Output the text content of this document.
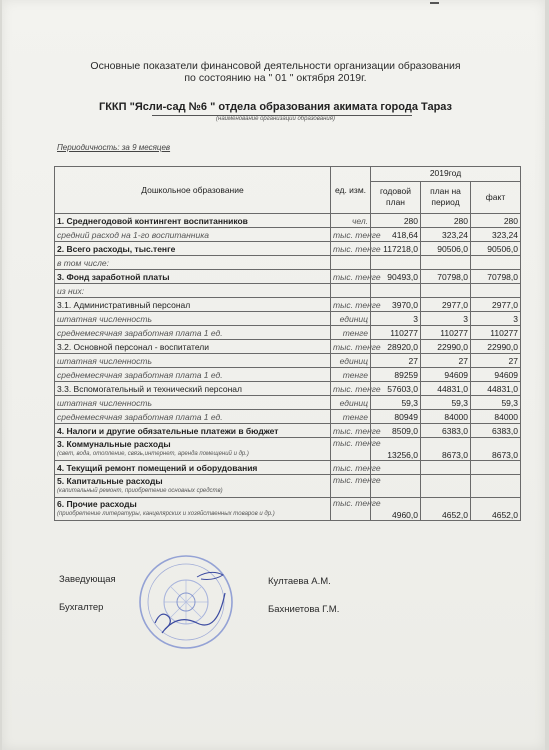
Основные показатели финансовой деятельности организации образования
по состоянию на " 01 " октября 2019г.
ГККП "Ясли-сад №6 " отдела образования акимата города Тараз
(наименование организации образования)
Периодичность: за 9 месяцев
Дошкольное образование	ед. изм.	2019год		
		годовой план	план на период	факт
1. Среднегодовой контингент воспитанников	чел.	280	280	280
средний расход на 1-го воспитанника	тыс. тенге	418,64	323,24	323,24
2. Всего расходы, тыс.тенге	тыс. тенге	117218,0	90506,0	90506,0
в том числе:				
3. Фонд заработной платы	тыс. тенге	90493,0	70798,0	70798,0
из них:				
3.1. Административный персонал	тыс. тенге	3970,0	2977,0	2977,0
штатная численность	единиц	3	3	3
среднемесячная заработная плата 1 ед.	тенге	110277	110277	110277
3.2. Основной персонал - воспитатели	тыс. тенге	28920,0	22990,0	22990,0
штатная численность	единиц	27	27	27
среднемесячная заработная плата 1 ед.	тенге	89259	94609	94609
3.3. Вспомогательный и технический персонал	тыс. тенге	57603,0	44831,0	44831,0
штатная численность	единиц	59,3	59,3	59,3
среднемесячная заработная плата 1 ед.	тенге	80949	84000	84000
4. Налоги и другие обязательные платежи в бюджет	тыс. тенге	8509,0	6383,0	6383,0
3. Коммунальные расходы
(свет, вода, отопление, связь,интернет, аренда помещений и др.)	тыс. тенге	13256,0	8673,0	8673,0
4. Текущий ремонт помещений и оборудования	тыс. тенге			
5. Капитальные расходы
(капитальный ремонт, приобретение основных средств)	тыс. тенге			
6. Прочие расходы
(приобретение литературы, канцелярских и хозяйственных товаров и др.)	тыс. тенге	4960,0	4652,0	4652,0
Заведующая	Култаева А.М.
Бухгалтер	Бахниетова Г.М.
